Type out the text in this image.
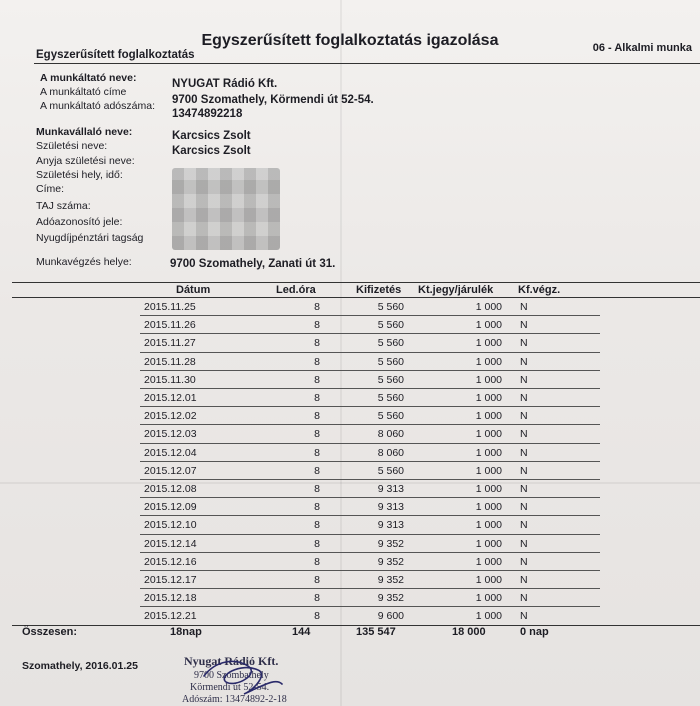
Egyszerűsített foglalkoztatás igazolása
Egyszerűsített foglalkoztatás
06 - Alkalmi munka
A munkáltató neve:	NYUGAT Rádió Kft.
A munkáltató címe
9700 Szomathely, Körmendi út 52-54.
A munkáltató adószáma:
13474892218
Munkavállaló neve:	Karcsics Zsolt
Születési neve:	Karcsics Zsolt
Anyja születési neve:
Születési hely, idő:
Címe:
TAJ száma:
Adóazonosító jele:
Nyugdíjpénztári tagság
Munkavégzés helye:	9700 Szomathely, Zanati út 31.
Dátum	Led.óra	Kifizetés Kt.jegy/járulék Kf.végz.
2015.11.25	8	5 560	1 000 N
2015.11.26	8	5 560	1 000 N
2015.11.27	8	5 560	1 000 N
2015.11.28	8	5 560	1 000 N
2015.11.30	8	5 560	1 000 N
2015.12.01	8	5 560	1 000 N
2015.12.02	8	5 560	1 000 N
2015.12.03	8	8 060	1 000 N
2015.12.04	8	8 060	1 000 N
2015.12.07	8	5 560	1 000 N
2015.12.08	8	9 313	1 000 N
2015.12.09	8	9 313	1 000 N
2015.12.10	8	9 313	1 000 N
2015.12.14	8	9 352	1 000 N
2015.12.16	8	9 352	1 000 N
2015.12.17	8	9 352	1 000 N
2015.12.18	8	9 352	1 000 N
2015.12.21	8	9 600	1 000 N
Összesen:	18nap	144	135 547	18 000	0 nap
Szomathely, 2016.01.25	Nyugat Rádió Kft.
9700 Szombathely
Körmendi út 52-54.
Adószám: 13474892-2-18
